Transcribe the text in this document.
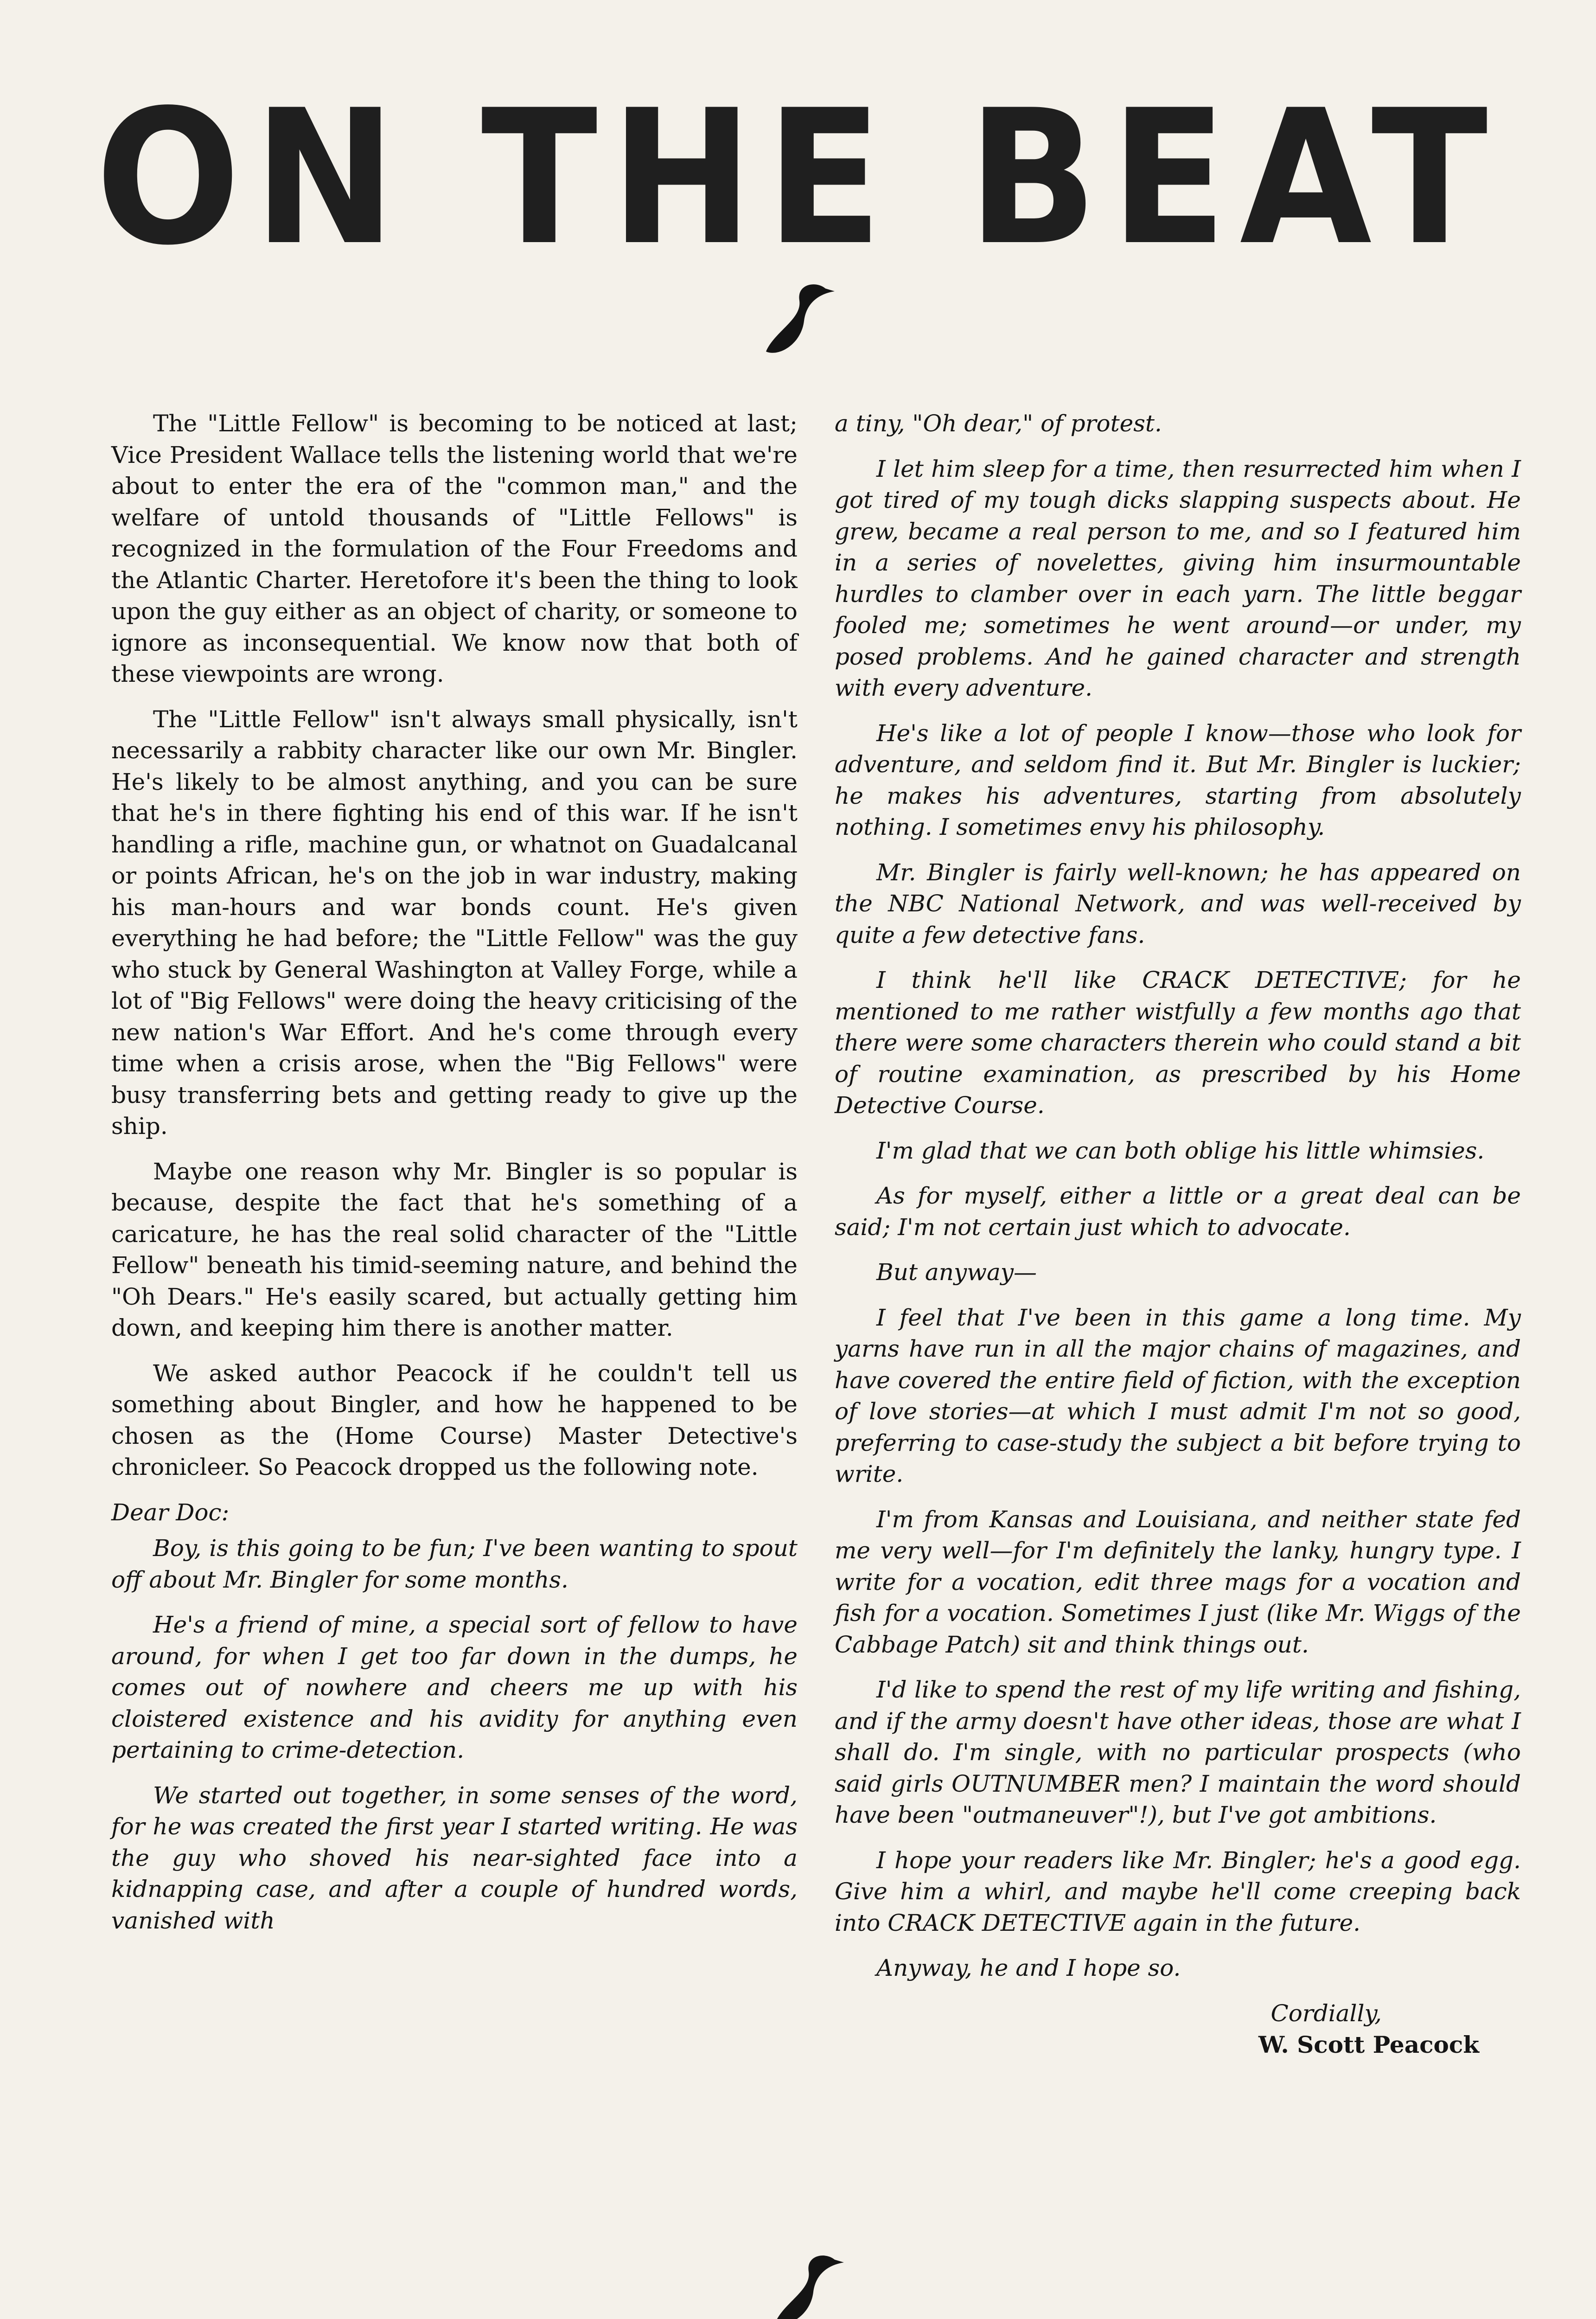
ON THE BEAT

The "Little Fellow" is becoming to be noticed at last; Vice President Wallace tells the listening world that we're about to enter the era of the "common man," and the welfare of untold thousands of "Little Fellows" is recognized in the formulation of the Four Freedoms and the Atlantic Charter. Heretofore it's been the thing to look upon the guy either as an object of charity, or someone to ignore as inconsequential. We know now that both of these viewpoints are wrong.

The "Little Fellow" isn't always small physically, isn't necessarily a rabbity character like our own Mr. Bingler. He's likely to be almost anything, and you can be sure that he's in there fighting his end of this war. If he isn't handling a rifle, machine gun, or whatnot on Guadalcanal or points African, he's on the job in war industry, making his man-hours and war bonds count. He's given everything he had before; the "Little Fellow" was the guy who stuck by General Washington at Valley Forge, while a lot of "Big Fellows" were doing the heavy criticising of the new nation's War Effort. And he's come through every time when a crisis arose, when the "Big Fellows" were busy transferring bets and getting ready to give up the ship.

Maybe one reason why Mr. Bingler is so popular is because, despite the fact that he's something of a caricature, he has the real solid character of the "Little Fellow" beneath his timid-seeming nature, and behind the "Oh Dears." He's easily scared, but actually getting him down, and keeping him there is another matter.

We asked author Peacock if he couldn't tell us something about Bingler, and how he happened to be chosen as the (Home Course) Master Detective's chronicleer. So Peacock dropped us the following note.

Dear Doc:

Boy, is this going to be fun; I've been wanting to spout off about Mr. Bingler for some months.

He's a friend of mine, a special sort of fellow to have around, for when I get too far down in the dumps, he comes out of nowhere and cheers me up with his cloistered existence and his avidity for anything even pertaining to crime-detection.

We started out together, in some senses of the word, for he was created the first year I started writing. He was the guy who shoved his near-sighted face into a kidnapping case, and after a couple of hundred words, vanished with

a tiny, "Oh dear," of protest.

I let him sleep for a time, then resurrected him when I got tired of my tough dicks slapping suspects about. He grew, became a real person to me, and so I featured him in a series of novelettes, giving him insurmountable hurdles to clamber over in each yarn. The little beggar fooled me; sometimes he went around—or under, my posed problems. And he gained character and strength with every adventure.

He's like a lot of people I know—those who look for adventure, and seldom find it. But Mr. Bingler is luckier; he makes his adventures, starting from absolutely nothing. I sometimes envy his philosophy.

Mr. Bingler is fairly well-known; he has appeared on the NBC National Network, and was well-received by quite a few detective fans.

I think he'll like CRACK DETECTIVE; for he mentioned to me rather wistfully a few months ago that there were some characters therein who could stand a bit of routine examination, as prescribed by his Home Detective Course.

I'm glad that we can both oblige his little whimsies.

As for myself, either a little or a great deal can be said; I'm not certain just which to advocate.

But anyway—

I feel that I've been in this game a long time. My yarns have run in all the major chains of magazines, and have covered the entire field of fiction, with the exception of love stories—at which I must admit I'm not so good, preferring to case-study the subject a bit before trying to write.

I'm from Kansas and Louisiana, and neither state fed me very well—for I'm definitely the lanky, hungry type. I write for a vocation, edit three mags for a vocation and fish for a vocation. Sometimes I just (like Mr. Wiggs of the Cabbage Patch) sit and think things out.

I'd like to spend the rest of my life writing and fishing, and if the army doesn't have other ideas, those are what I shall do. I'm single, with no particular prospects (who said girls OUTNUMBER men? I maintain the word should have been "outmaneuver"!), but I've got ambitions.

I hope your readers like Mr. Bingler; he's a good egg. Give him a whirl, and maybe he'll come creeping back into CRACK DETECTIVE again in the future.

Anyway, he and I hope so.

Cordially,

W. Scott Peacock
